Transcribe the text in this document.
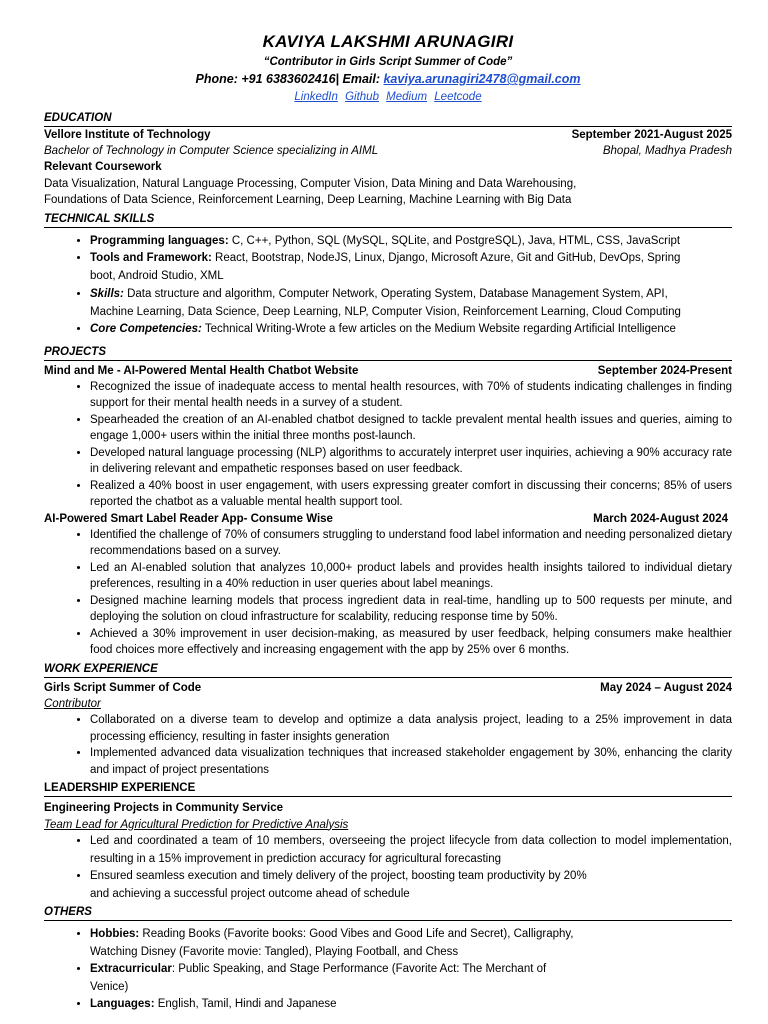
KAVIYA LAKSHMI ARUNAGIRI
“Contributor in Girls Script Summer of Code”
Phone: +91 6383602416| Email: kaviya.arunagiri2478@gmail.com
LinkedIn Github Medium Leetcode
EDUCATION
Vellore Institute of Technology	September 2021-August 2025
Bachelor of Technology in Computer Science specializing in AIML	Bhopal, Madhya Pradesh
Relevant Coursework
Data Visualization, Natural Language Processing, Computer Vision, Data Mining and Data Warehousing,
Foundations of Data Science, Reinforcement Learning, Deep Learning, Machine Learning with Big Data
TECHNICAL SKILLS
• Programming languages: C, C++, Python, SQL (MySQL, SQLite, and PostgreSQL), Java, HTML, CSS, JavaScript
• Tools and Framework: React, Bootstrap, NodeJS, Linux, Django, Microsoft Azure, Git and GitHub, DevOps, Spring boot, Android Studio, XML
• Skills: Data structure and algorithm, Computer Network, Operating System, Database Management System, API, Machine Learning, Data Science, Deep Learning, NLP, Computer Vision, Reinforcement Learning, Cloud Computing
• Core Competencies: Technical Writing-Wrote a few articles on the Medium Website regarding Artificial Intelligence
PROJECTS
Mind and Me - AI-Powered Mental Health Chatbot Website	September 2024-Present
• Recognized the issue of inadequate access to mental health resources, with 70% of students indicating challenges in finding support for their mental health needs in a survey of a student.
• Spearheaded the creation of an AI-enabled chatbot designed to tackle prevalent mental health issues and queries, aiming to engage 1,000+ users within the initial three months post-launch.
• Developed natural language processing (NLP) algorithms to accurately interpret user inquiries, achieving a 90% accuracy rate in delivering relevant and empathetic responses based on user feedback.
• Realized a 40% boost in user engagement, with users expressing greater comfort in discussing their concerns; 85% of users reported the chatbot as a valuable mental health support tool.
AI-Powered Smart Label Reader App- Consume Wise	March 2024-August 2024
• Identified the challenge of 70% of consumers struggling to understand food label information and needing personalized dietary recommendations based on a survey.
• Led an AI-enabled solution that analyzes 10,000+ product labels and provides health insights tailored to individual dietary preferences, resulting in a 40% reduction in user queries about label meanings.
• Designed machine learning models that process ingredient data in real-time, handling up to 500 requests per minute, and deploying the solution on cloud infrastructure for scalability, reducing response time by 50%.
• Achieved a 30% improvement in user decision-making, as measured by user feedback, helping consumers make healthier food choices more effectively and increasing engagement with the app by 25% over 6 months.
WORK EXPERIENCE
Girls Script Summer of Code	May 2024 – August 2024
Contributor
• Collaborated on a diverse team to develop and optimize a data analysis project, leading to a 25% improvement in data processing efficiency, resulting in faster insights generation
• Implemented advanced data visualization techniques that increased stakeholder engagement by 30%, enhancing the clarity and impact of project presentations
LEADERSHIP EXPERIENCE
Engineering Projects in Community Service
Team Lead for Agricultural Prediction for Predictive Analysis
• Led and coordinated a team of 10 members, overseeing the project lifecycle from data collection to model implementation, resulting in a 15% improvement in prediction accuracy for agricultural forecasting
• Ensured seamless execution and timely delivery of the project, boosting team productivity by 20%
and achieving a successful project outcome ahead of schedule
OTHERS
• Hobbies: Reading Books (Favorite books: Good Vibes and Good Life and Secret), Calligraphy, Watching Disney (Favorite movie: Tangled), Playing Football, and Chess
• Extracurricular: Public Speaking, and Stage Performance (Favorite Act: The Merchant of Venice)
• Languages: English, Tamil, Hindi and Japanese
